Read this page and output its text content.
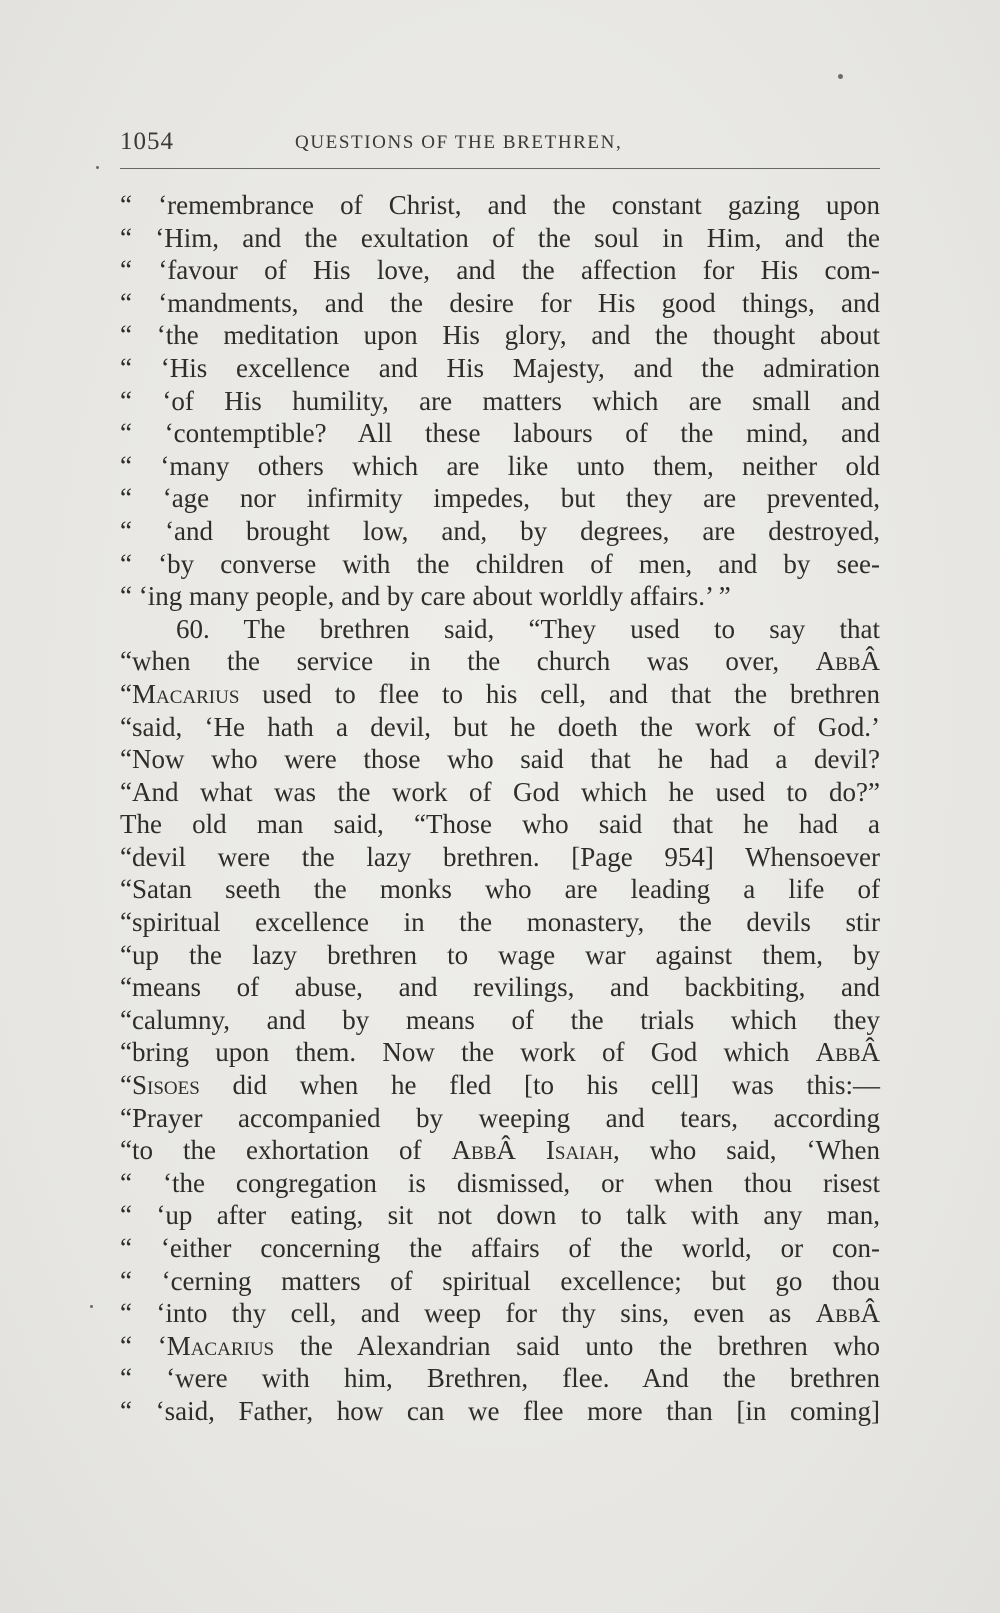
1054	QUESTIONS OF THE BRETHREN,
“ ‘remembrance of Christ, and the constant gazing upon
“ ‘Him, and the exultation of the soul in Him, and the
“ ‘favour of His love, and the affection for His com-
“ ‘mandments, and the desire for His good things, and
“ ‘the meditation upon His glory, and the thought about
“ ‘His excellence and His Majesty, and the admiration
“ ‘of His humility, are matters which are small and
“ ‘contemptible? All these labours of the mind, and
“ ‘many others which are like unto them, neither old
“ ‘age nor infirmity impedes, but they are prevented,
“ ‘and brought low, and, by degrees, are destroyed,
“ ‘by converse with the children of men, and by see-
“ ‘ing many people, and by care about worldly affairs.’ ”
60. The brethren said, “They used to say that
“when the service in the church was over, AbbÂ
“Macarius used to flee to his cell, and that the brethren
“said, ‘He hath a devil, but he doeth the work of God.’
“Now who were those who said that he had a devil?
“And what was the work of God which he used to do?”
The old man said, “Those who said that he had a
“devil were the lazy brethren. [Page 954] Whensoever
“Satan seeth the monks who are leading a life of
“spiritual excellence in the monastery, the devils stir
“up the lazy brethren to wage war against them, by
“means of abuse, and revilings, and backbiting, and
“calumny, and by means of the trials which they
“bring upon them. Now the work of God which AbbÂ
“Sisoes did when he fled [to his cell] was this:—
“Prayer accompanied by weeping and tears, according
“to the exhortation of AbbÂ Isaiah, who said, ‘When
“ ‘the congregation is dismissed, or when thou risest
“ ‘up after eating, sit not down to talk with any man,
“ ‘either concerning the affairs of the world, or con-
“ ‘cerning matters of spiritual excellence; but go thou
“ ‘into thy cell, and weep for thy sins, even as AbbÂ
“ ‘Macarius the Alexandrian said unto the brethren who
“ ‘were with him, Brethren, flee. And the brethren
“ ‘said, Father, how can we flee more than [in coming]
